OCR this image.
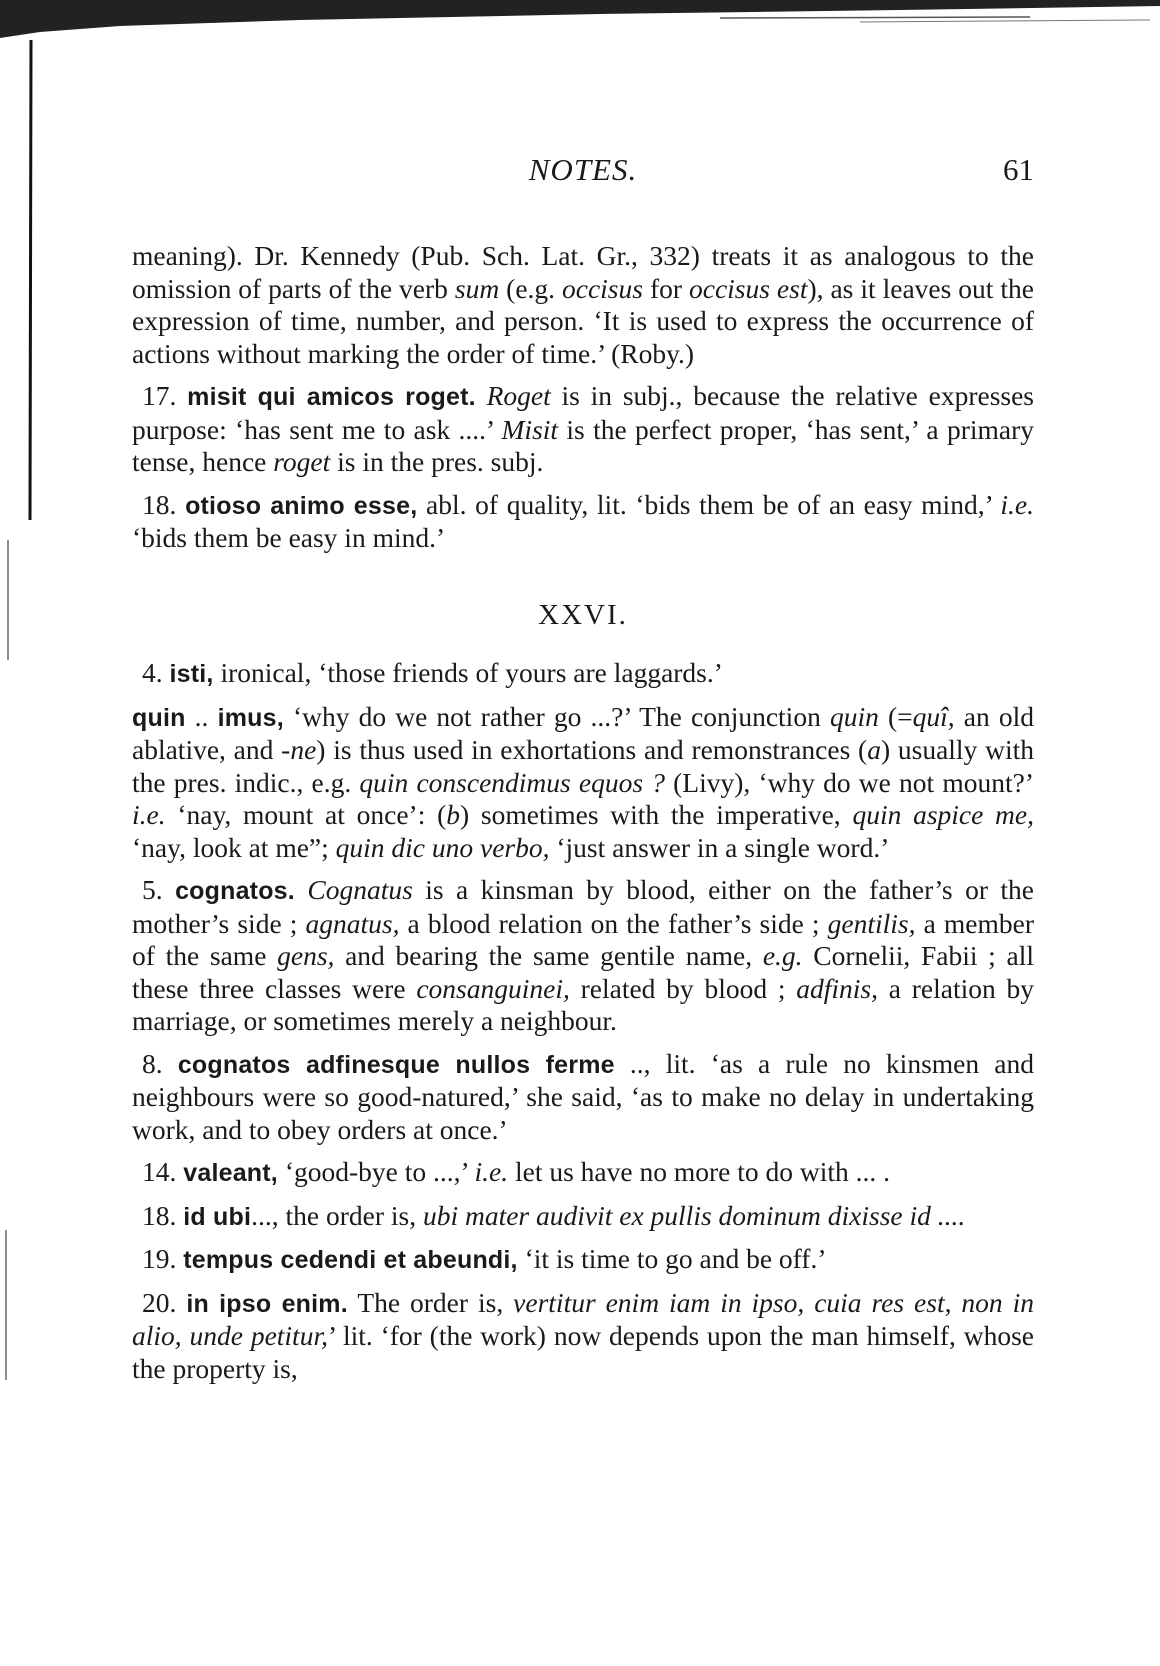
NOTES.	61

meaning). Dr. Kennedy (Pub. Sch. Lat. Gr., 332) treats it as analogous to the omission of parts of the verb sum (e.g. occisus for occisus est), as it leaves out the expression of time, number, and person. ‘It is used to express the occurrence of actions without marking the order of time.’ (Roby.)

17. misit qui amicos roget. Roget is in subj., because the relative expresses purpose: ‘has sent me to ask ....’ Misit is the perfect proper, ‘has sent,’ a primary tense, hence roget is in the pres. subj.

18. otioso animo esse, abl. of quality, lit. ‘bids them be of an easy mind,’ i.e. ‘bids them be easy in mind.’

XXVI.

4. isti, ironical, ‘those friends of yours are laggards.’

quin .. imus, ‘why do we not rather go ...?’ The conjunction quin (=quî, an old ablative, and -ne) is thus used in exhortations and remonstrances (a) usually with the pres. indic., e.g. quin conscendimus equos ? (Livy), ‘why do we not mount?’ i.e. ‘nay, mount at once’: (b) sometimes with the imperative, quin aspice me, ‘nay, look at me”; quin dic uno verbo, ‘just answer in a single word.’

5. cognatos. Cognatus is a kinsman by blood, either on the father’s or the mother’s side ; agnatus, a blood relation on the father’s side ; gentilis, a member of the same gens, and bearing the same gentile name, e.g. Cornelii, Fabii ; all these three classes were consanguinei, related by blood ; adfinis, a relation by marriage, or sometimes merely a neighbour.

8. cognatos adfinesque nullos ferme .., lit. ‘as a rule no kinsmen and neighbours were so good-natured,’ she said, ‘as to make no delay in undertaking work, and to obey orders at once.’

14. valeant, ‘good-bye to ...,’ i.e. let us have no more to do with ... .

18. id ubi..., the order is, ubi mater audivit ex pullis dominum dixisse id ....

19. tempus cedendi et abeundi, ‘it is time to go and be off.’

20. in ipso enim. The order is, vertitur enim iam in ipso, cuia res est, non in alio, unde petitur,’ lit. ‘for (the work) now depends upon the man himself, whose the property is,
